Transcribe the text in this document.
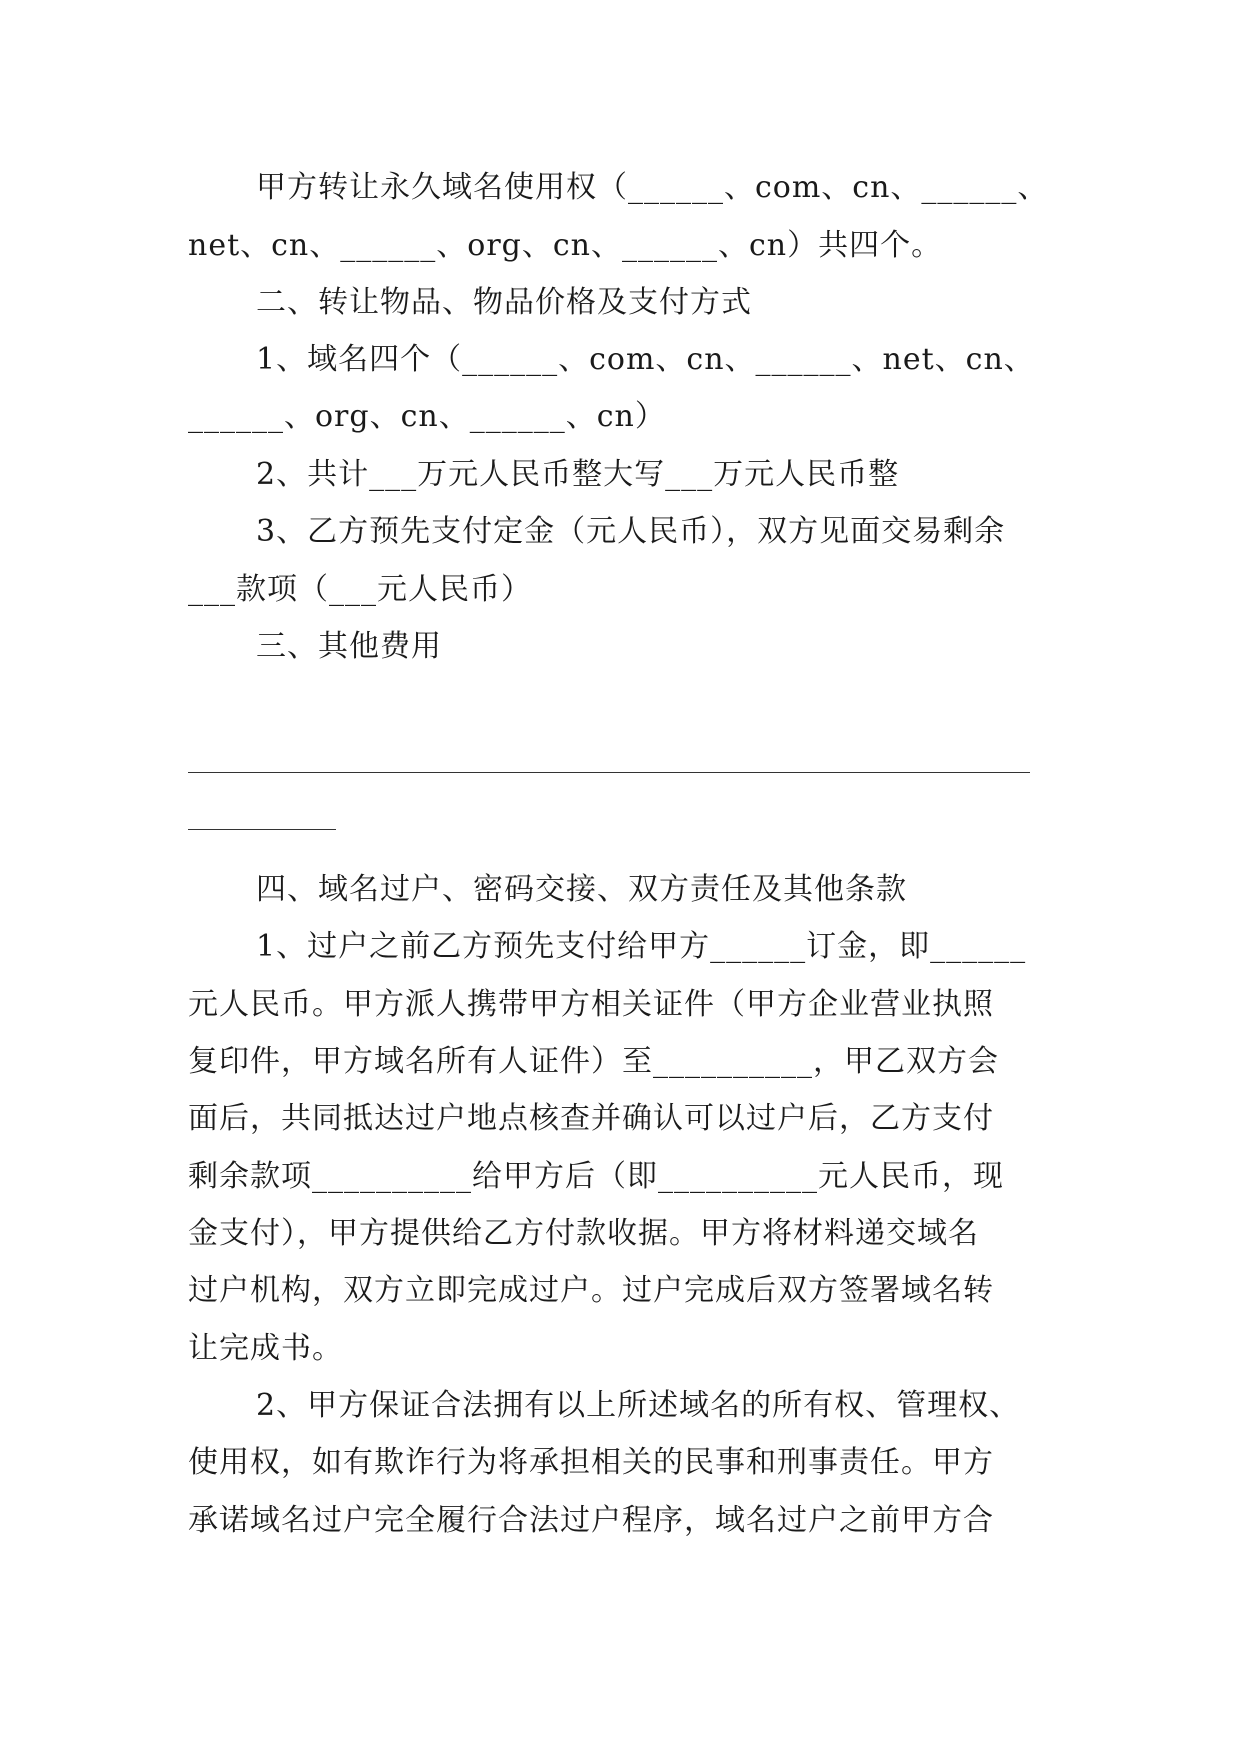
甲方转让永久域名使用权（______、com、cn、______、
net、cn、______、org、cn、______、cn）共四个。
二、转让物品、物品价格及支付方式
1、域名四个（______、com、cn、______、net、cn、
______、org、cn、______、cn）
2、共计___万元人民币整大写___万元人民币整
3、乙方预先支付定金（元人民币），双方见面交易剩余
___款项（___元人民币）
三、其他费用
四、域名过户、密码交接、双方责任及其他条款
1、过户之前乙方预先支付给甲方______订金，即______
元人民币。甲方派人携带甲方相关证件（甲方企业营业执照
复印件，甲方域名所有人证件）至__________，甲乙双方会
面后，共同抵达过户地点核查并确认可以过户后，乙方支付
剩余款项__________给甲方后（即__________元人民币，现
金支付），甲方提供给乙方付款收据。甲方将材料递交域名
过户机构，双方立即完成过户。过户完成后双方签署域名转
让完成书。
2、甲方保证合法拥有以上所述域名的所有权、管理权、
使用权，如有欺诈行为将承担相关的民事和刑事责任。甲方
承诺域名过户完全履行合法过户程序，域名过户之前甲方合
